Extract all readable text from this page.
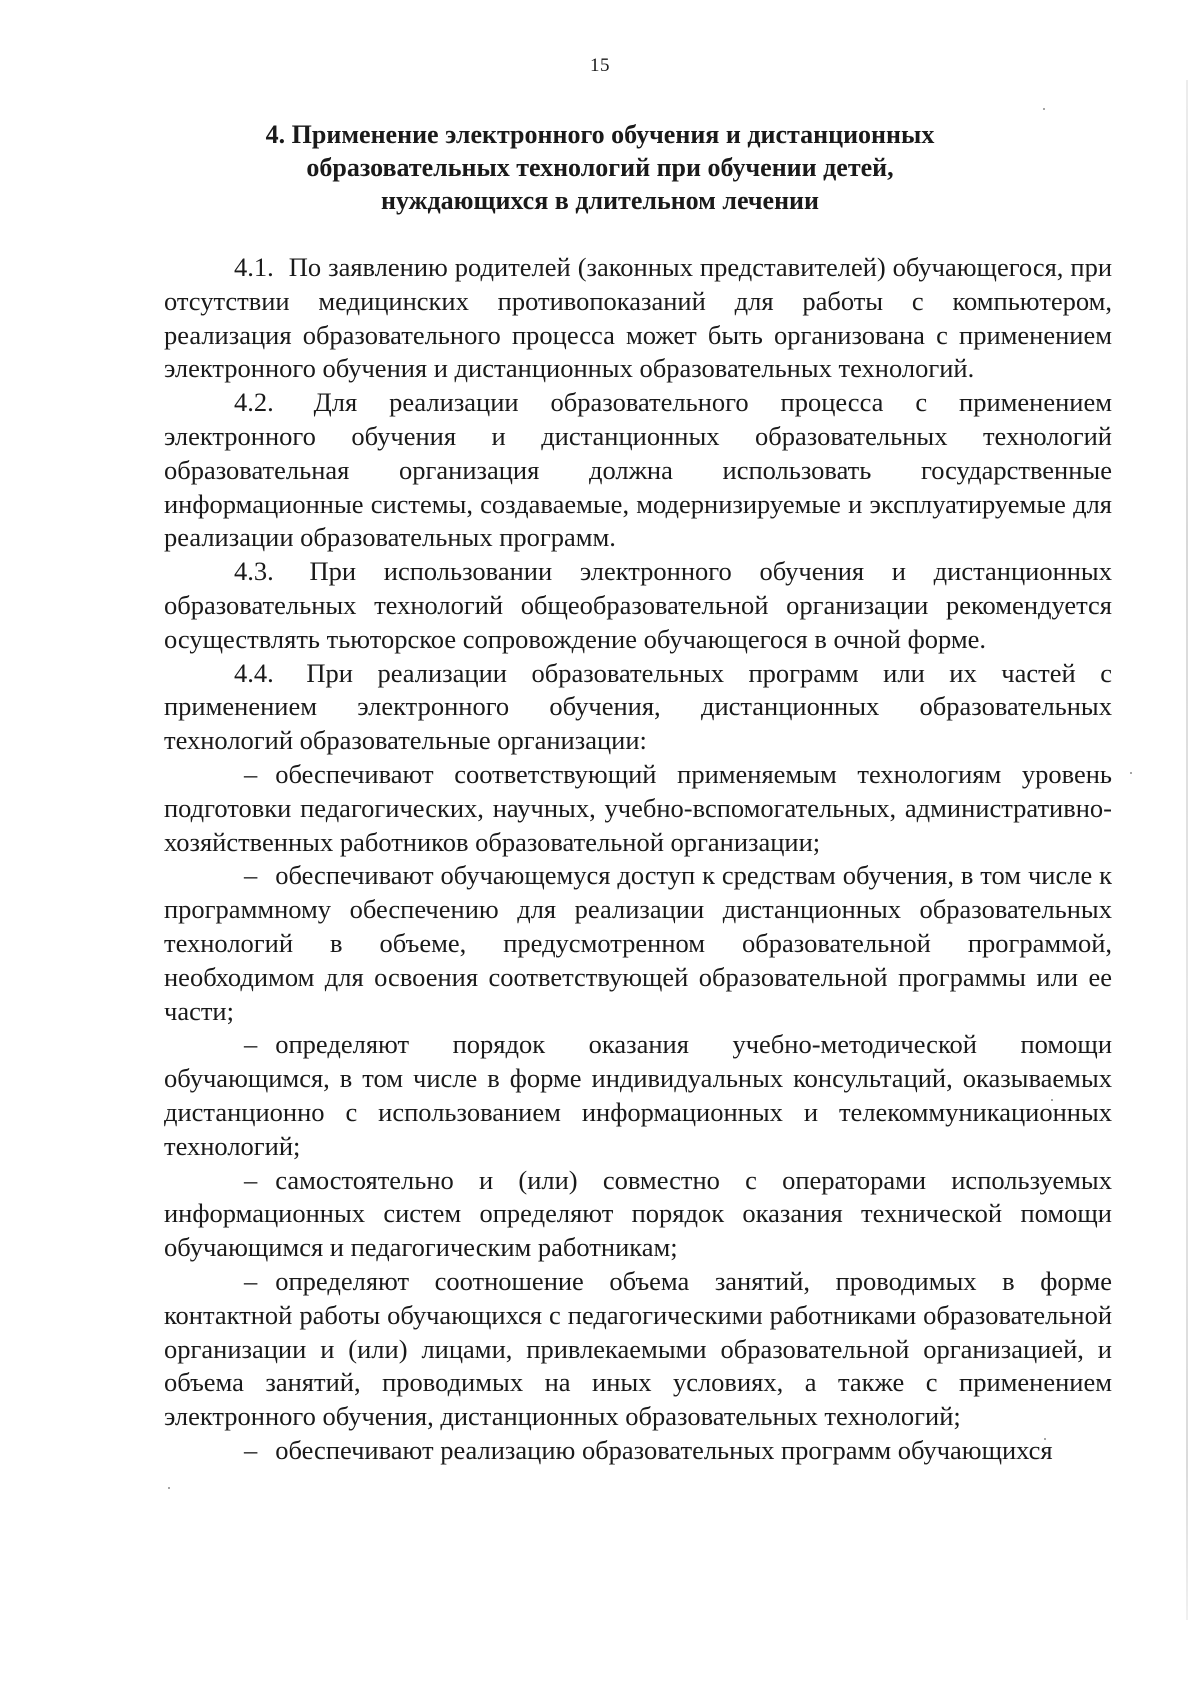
15
4. Применение электронного обучения и дистанционных
образовательных технологий при обучении детей,
нуждающихся в длительном лечении

4.1. По заявлению родителей (законных представителей) обучающегося, при отсутствии медицинских противопоказаний для работы с компьютером, реализация образовательного процесса может быть организована с применением электронного обучения и дистанционных образовательных технологий.

4.2. Для реализации образовательного процесса с применением электронного обучения и дистанционных образовательных технологий образовательная организация должна использовать государственные информационные системы, создаваемые, модернизируемые и эксплуатируемые для реализации образовательных программ.

4.3. При использовании электронного обучения и дистанционных образовательных технологий общеобразовательной организации рекомендуется осуществлять тьюторское сопровождение обучающегося в очной форме.

4.4. При реализации образовательных программ или их частей с применением электронного обучения, дистанционных образовательных технологий образовательные организации:

– обеспечивают соответствующий применяемым технологиям уровень подготовки педагогических, научных, учебно-вспомогательных, административно-хозяйственных работников образовательной организации;

– обеспечивают обучающемуся доступ к средствам обучения, в том числе к программному обеспечению для реализации дистанционных образовательных технологий в объеме, предусмотренном образовательной программой, необходимом для освоения соответствующей образовательной программы или ее части;

– определяют порядок оказания учебно-методической помощи обучающимся, в том числе в форме индивидуальных консультаций, оказываемых дистанционно с использованием информационных и телекоммуникационных технологий;

– самостоятельно и (или) совместно с операторами используемых информационных систем определяют порядок оказания технической помощи обучающимся и педагогическим работникам;

– определяют соотношение объема занятий, проводимых в форме контактной работы обучающихся с педагогическими работниками образовательной организации и (или) лицами, привлекаемыми образовательной организацией, и объема занятий, проводимых на иных условиях, а также с применением электронного обучения, дистанционных образовательных технологий;

– обеспечивают реализацию образовательных программ обучающихся
